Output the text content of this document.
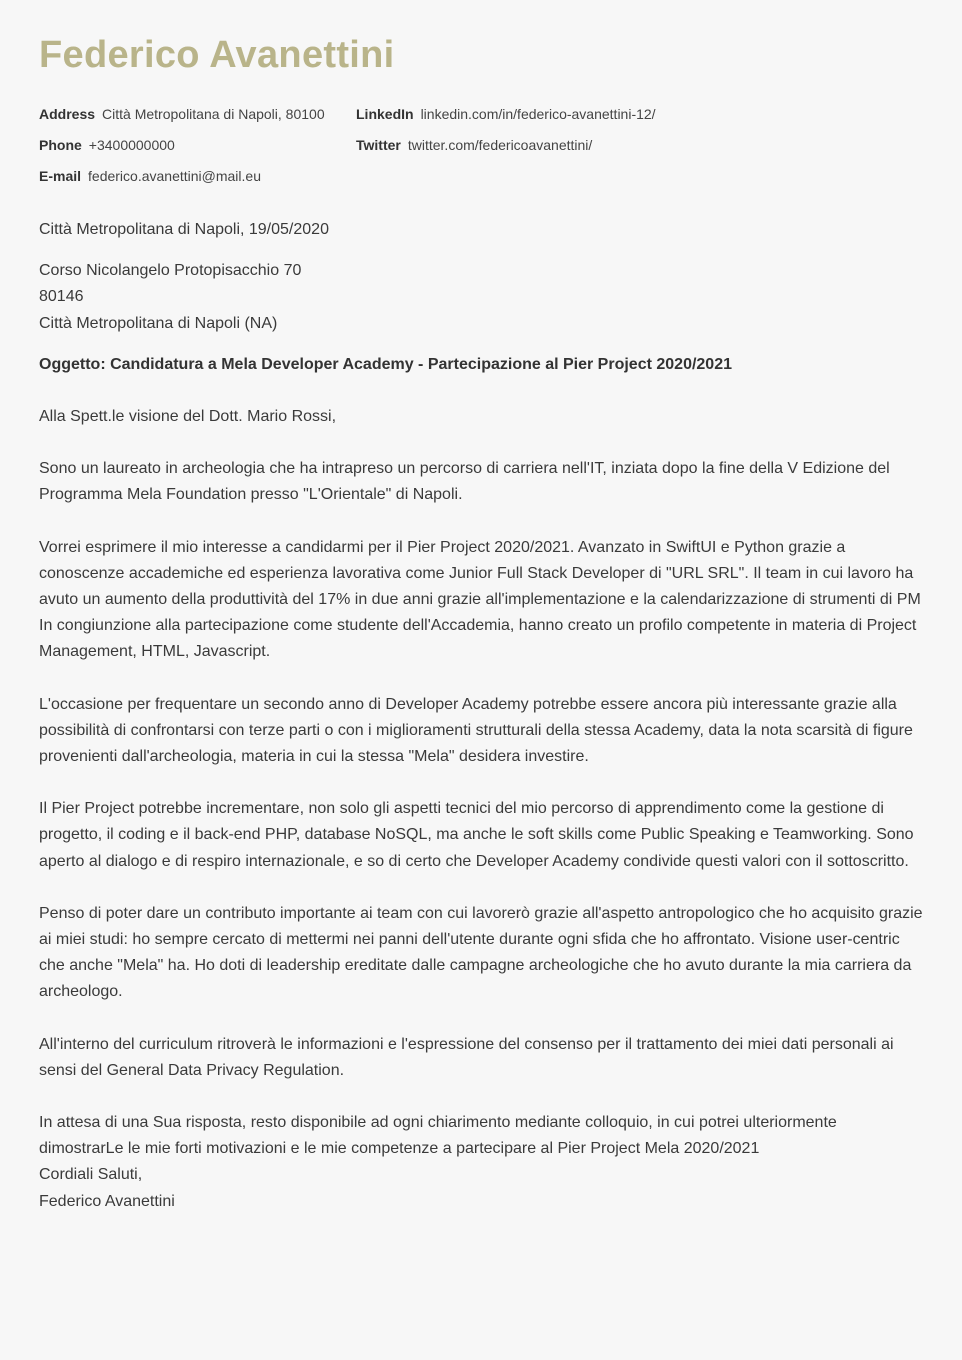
Federico Avanettini
Address Città Metropolitana di Napoli, 80100 LinkedIn linkedin.com/in/federico-avanettini-12/
Phone +3400000000	Twitter twitter.com/federicoavanettini/
E-mail federico.avanettini@mail.eu

Città Metropolitana di Napoli, 19/05/2020

Corso Nicolangelo Protopisacchio 70

80146

Città Metropolitana di Napoli (NA)

Oggetto: Candidatura a Mela Developer Academy - Partecipazione al Pier Project 2020/2021

Alla Spett.le visione del Dott. Mario Rossi,

Sono un laureato in archeologia che ha intrapreso un percorso di carriera nell'IT, inziata dopo la fine della V Edizione del Programma Mela Foundation presso "L'Orientale" di Napoli.

Vorrei esprimere il mio interesse a candidarmi per il Pier Project 2020/2021. Avanzato in SwiftUI e Python grazie a conoscenze accademiche ed esperienza lavorativa come Junior Full Stack Developer di "URL SRL". Il team in cui lavoro ha avuto un aumento della produttività del 17% in due anni grazie all'implementazione e la calendarizzazione di strumenti di PM In congiunzione alla partecipazione come studente dell'Accademia, hanno creato un profilo competente in materia di Project Management, HTML, Javascript.

L'occasione per frequentare un secondo anno di Developer Academy potrebbe essere ancora più interessante grazie alla possibilità di confrontarsi con terze parti o con i miglioramenti strutturali della stessa Academy, data la nota scarsità di figure provenienti dall'archeologia, materia in cui la stessa "Mela" desidera investire.

Il Pier Project potrebbe incrementare, non solo gli aspetti tecnici del mio percorso di apprendimento come la gestione di progetto, il coding e il back-end PHP, database NoSQL, ma anche le soft skills come Public Speaking e Teamworking. Sono aperto al dialogo e di respiro internazionale, e so di certo che Developer Academy condivide questi valori con il sottoscritto.

Penso di poter dare un contributo importante ai team con cui lavorerò grazie all'aspetto antropologico che ho acquisito grazie ai miei studi: ho sempre cercato di mettermi nei panni dell'utente durante ogni sfida che ho affrontato. Visione user-centric che anche "Mela" ha. Ho doti di leadership ereditate dalle campagne archeologiche che ho avuto durante la mia carriera da archeologo.

All'interno del curriculum ritroverà le informazioni e l'espressione del consenso per il trattamento dei miei dati personali ai sensi del General Data Privacy Regulation.

In attesa di una Sua risposta, resto disponibile ad ogni chiarimento mediante colloquio, in cui potrei ulteriormente dimostrarLe le mie forti motivazioni e le mie competenze a partecipare al Pier Project Mela 2020/2021

Cordiali Saluti,

Federico Avanettini
